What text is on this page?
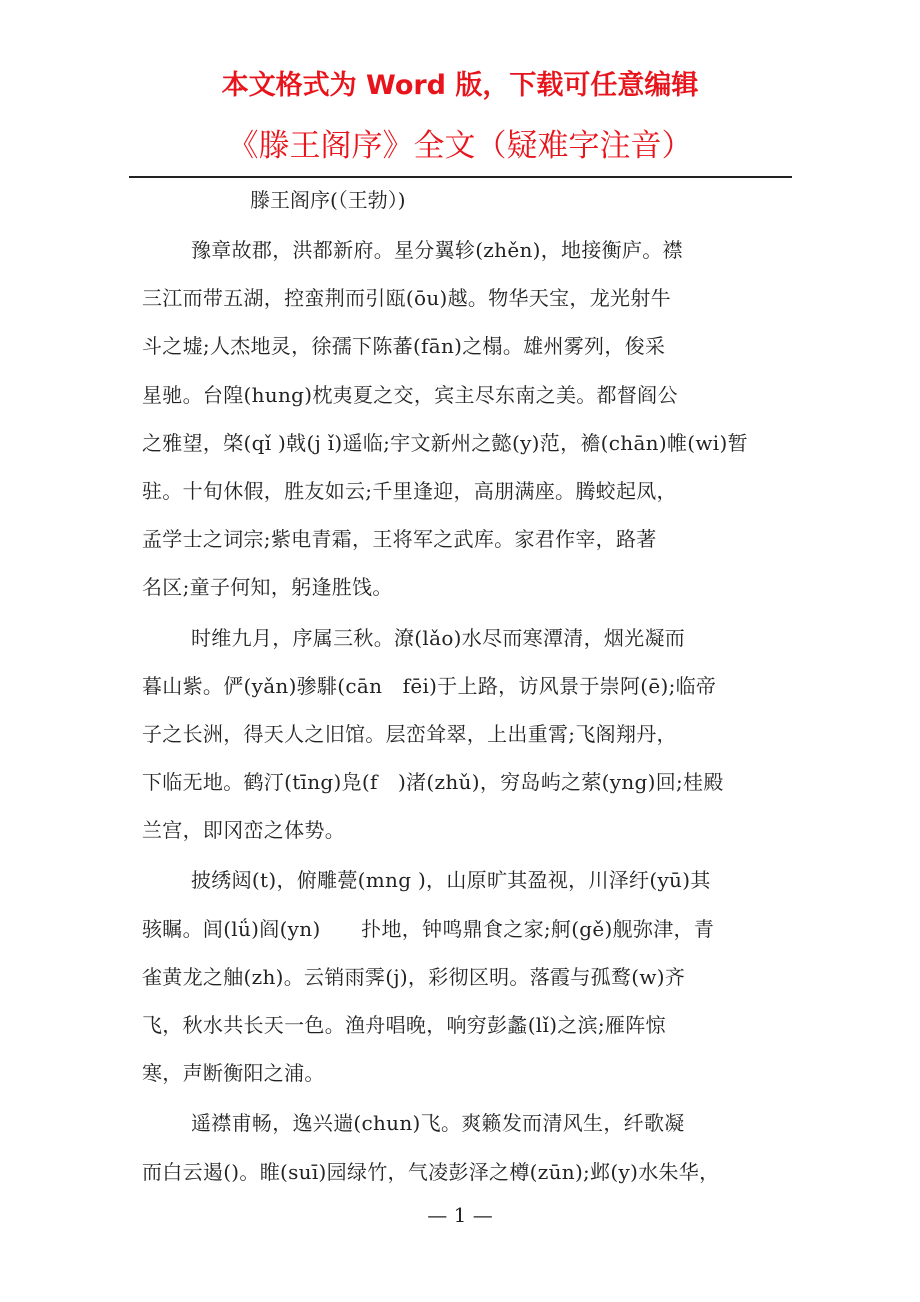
本文格式为 Word 版，下载可任意编辑
《滕王阁序》全文（疑难字注音）
滕王阁序(（王勃）)
豫章故郡，洪都新府。星分翼轸(zhěn)，地接衡庐。襟
三江而带五湖，控蛮荆而引瓯(ōu)越。物华天宝，龙光射牛
斗之墟;人杰地灵，徐孺下陈蕃(fān)之榻。雄州雾列，俊采
星驰。台隍(hung)枕夷夏之交，宾主尽东南之美。都督阎公
之雅望，棨(qǐ )戟(j ǐ)遥临;宇文新州之懿(y)范，襜(chān)帷(wi)暂
驻。十旬休假，胜友如云;千里逢迎，高朋满座。腾蛟起凤，
孟学士之词宗;紫电青霜，王将军之武库。家君作宰，路著
名区;童子何知，躬逢胜饯。
时维九月，序属三秋。潦(lǎo)水尽而寒潭清，烟光凝而
暮山紫。俨(yǎn)骖騑(cān　fēi)于上路，访风景于崇阿(ē);临帝
子之长洲，得天人之旧馆。层峦耸翠，上出重霄;飞阁翔丹，
下临无地。鹤汀(tīng)凫(f　)渚(zhǔ)，穷岛屿之萦(yng)回;桂殿
兰宫，即冈峦之体势。
披绣闼(t)，俯雕甍(mng )，山原旷其盈视，川泽纡(yū)其
骇瞩。闾(lǘ)阎(yn)　　扑地，钟鸣鼎食之家;舸(gě)舰弥津，青
雀黄龙之舳(zh)。云销雨霁(j)，彩彻区明。落霞与孤鹜(w)齐
飞，秋水共长天一色。渔舟唱晚，响穷彭蠡(lǐ)之滨;雁阵惊
寒，声断衡阳之浦。
遥襟甫畅，逸兴遄(chun)飞。爽籁发而清风生，纤歌凝
而白云遏()。睢(suī)园绿竹，气凌彭泽之樽(zūn);邺(y)水朱华，
— 1 —
